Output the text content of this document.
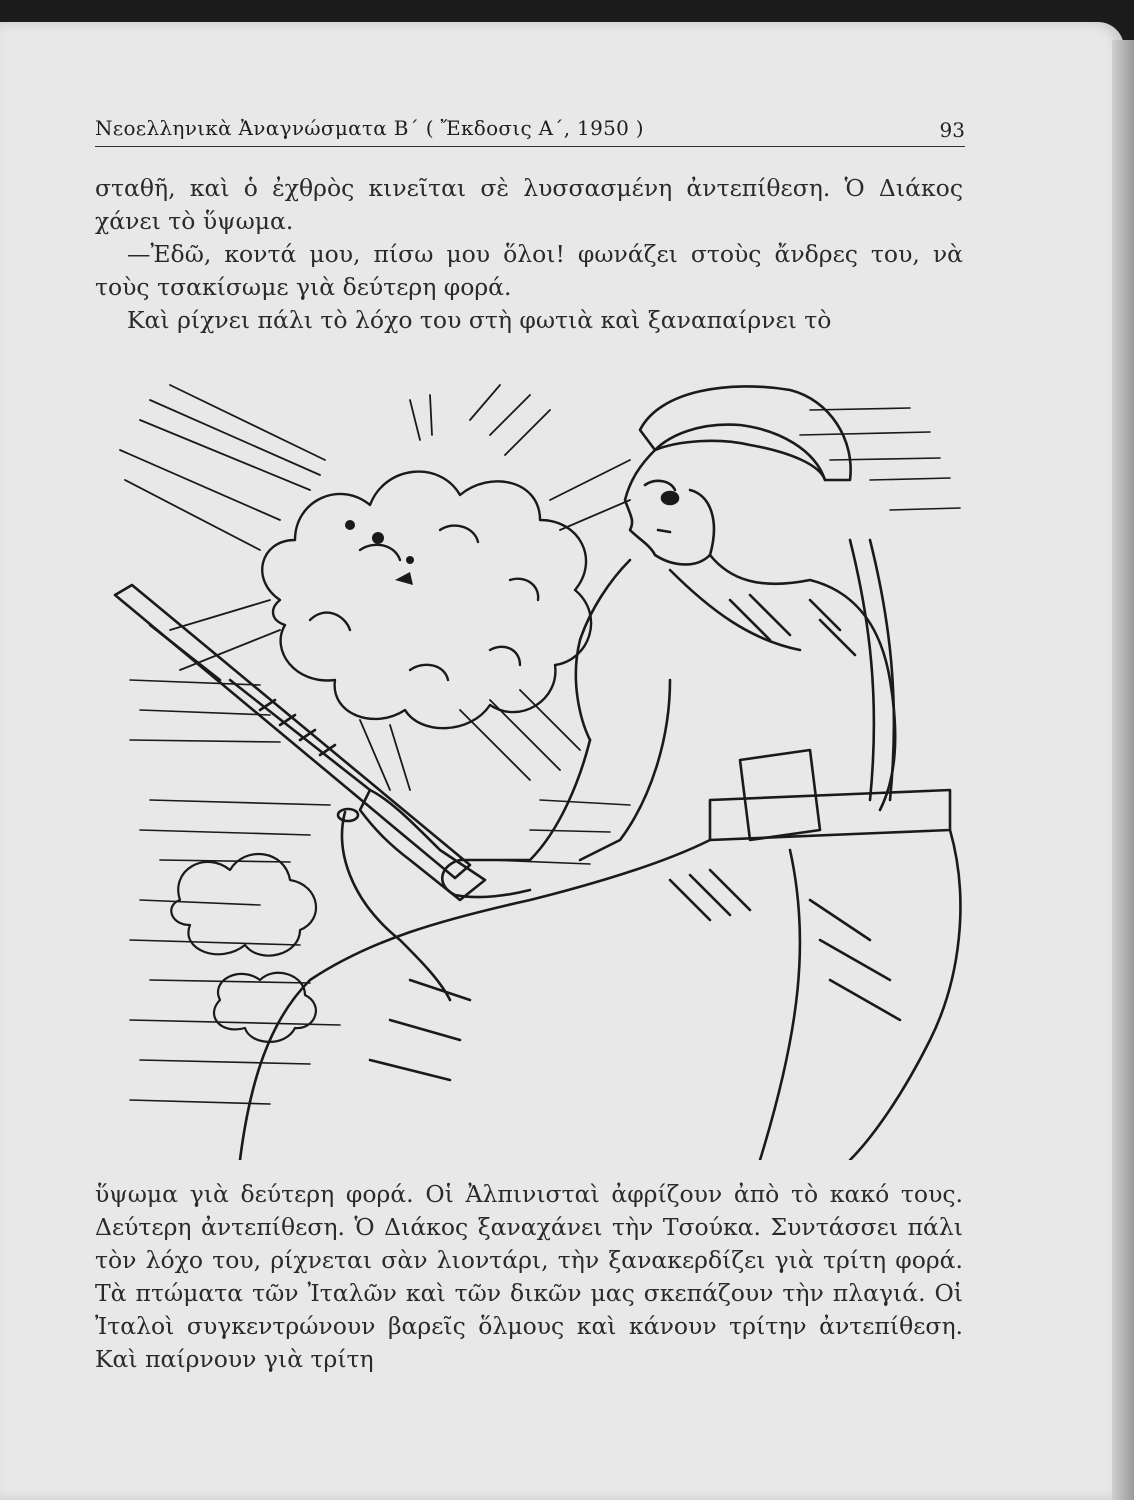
Νεοελληνικὰ Ἀναγνώσματα Β΄ ( Ἔκδοσις Α΄, 1950 )	93

σταθῆ, καὶ ὁ ἐχθρὸς κινεῖται σὲ λυσσασμένη ἀντεπίθεση. Ὁ Διάκος χάνει τὸ ὕψωμα.

—Ἐδῶ, κοντά μου, πίσω μου ὅλοι! φωνάζει στοὺς ἄνδρες του, νὰ τοὺς τσακίσωμε γιὰ δεύτερη φορά.

Καὶ ρίχνει πάλι τὸ λόχο του στὴ φωτιὰ καὶ ξαναπαίρνει τὸ

ὕψωμα γιὰ δεύτερη φορά. Οἱ Ἀλπινισταὶ ἀφρίζουν ἀπὸ τὸ κακό τους. Δεύτερη ἀντεπίθεση. Ὁ Διάκος ξαναχάνει τὴν Τσούκα. Συντάσσει πάλι τὸν λόχο του, ρίχνεται σὰν λιοντάρι, τὴν ξανακερδίζει γιὰ τρίτη φορά. Τὰ πτώματα τῶν Ἰταλῶν καὶ τῶν δικῶν μας σκεπάζουν τὴν πλαγιά. Οἱ Ἰταλοὶ συγκεντρώνουν βαρεῖς ὅλμους καὶ κάνουν τρίτην ἀντεπίθεση. Καὶ παίρνουν γιὰ τρίτη
